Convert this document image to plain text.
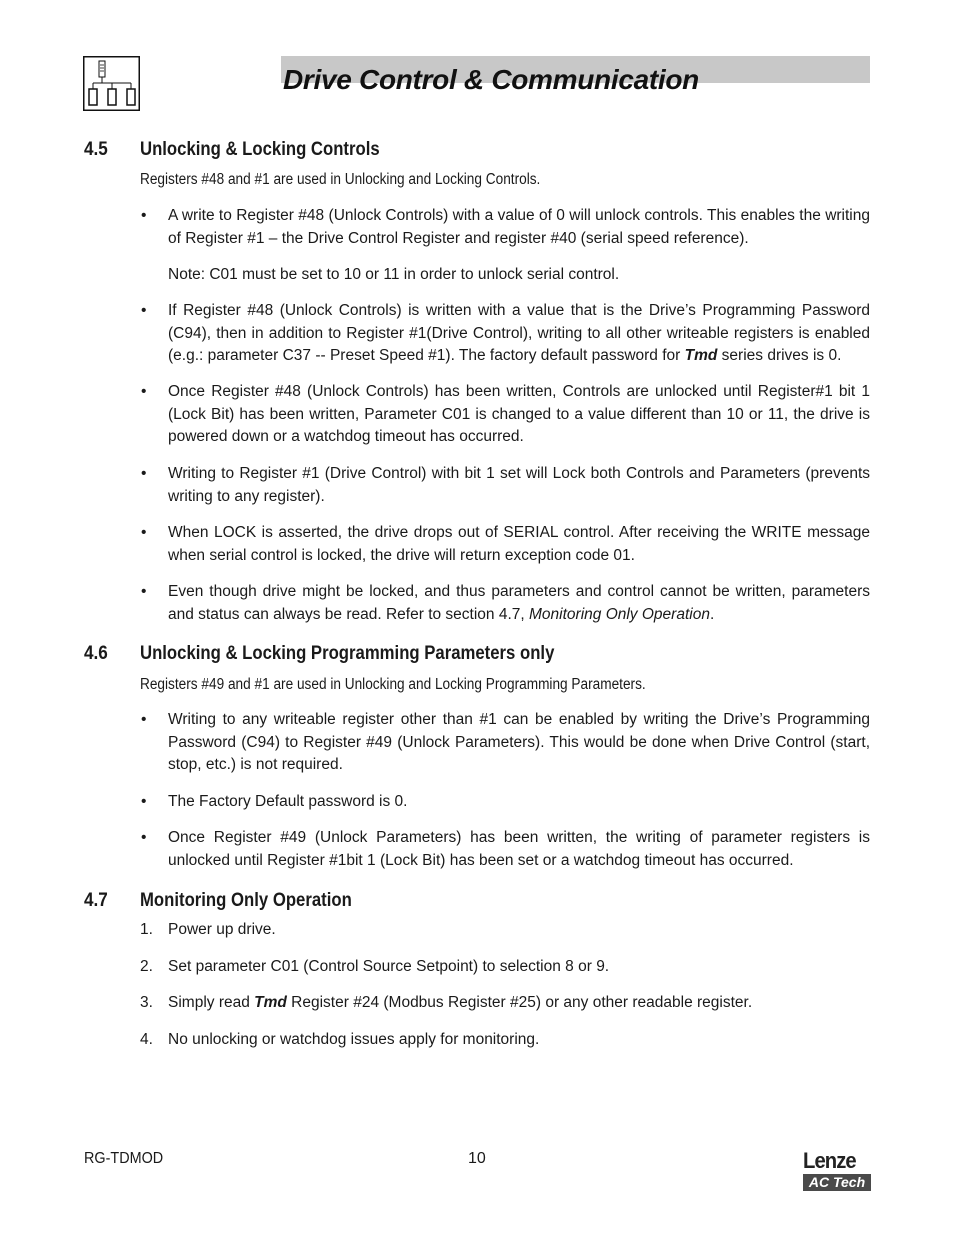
Drive Control & Communication
4.5 Unlocking & Locking Controls
Registers #48 and #1 are used in Unlocking and Locking Controls.
• A write to Register #48 (Unlock Controls) with a value of 0 will unlock controls. This enables the writing of Register #1 – the Drive Control Register and register #40 (serial speed reference).
Note: C01 must be set to 10 or 11 in order to unlock serial control.
• If Register #48 (Unlock Controls) is written with a value that is the Drive’s Programming Password (C94), then in addition to Register #1(Drive Control), writing to all other writeable registers is enabled (e.g.: parameter C37 -- Preset Speed #1). The factory default password for Tmd series drives is 0.
• Once Register #48 (Unlock Controls) has been written, Controls are unlocked until Register#1 bit 1 (Lock Bit) has been written, Parameter C01 is changed to a value different than 10 or 11, the drive is powered down or a watchdog timeout has occurred.
• Writing to Register #1 (Drive Control) with bit 1 set will Lock both Controls and Parameters (prevents writing to any register).
• When LOCK is asserted, the drive drops out of SERIAL control. After receiving the WRITE message when serial control is locked, the drive will return exception code 01.
• Even though drive might be locked, and thus parameters and control cannot be written, parameters and status can always be read. Refer to section 4.7, Monitoring Only Operation.
4.6 Unlocking & Locking Programming Parameters only
Registers #49 and #1 are used in Unlocking and Locking Programming Parameters.
• Writing to any writeable register other than #1 can be enabled by writing the Drive’s Programming Password (C94) to Register #49 (Unlock Parameters). This would be done when Drive Control (start, stop, etc.) is not required.
• The Factory Default password is 0.
• Once Register #49 (Unlock Parameters) has been written, the writing of parameter registers is unlocked until Register #1bit 1 (Lock Bit) has been set or a watchdog timeout has occurred.
4.7 Monitoring Only Operation
1. Power up drive.
2. Set parameter C01 (Control Source Setpoint) to selection 8 or 9.
3. Simply read Tmd Register #24 (Modbus Register #25) or any other readable register.
4. No unlocking or watchdog issues apply for monitoring.
RG-TDMOD	10	Lenze
AC Tech
